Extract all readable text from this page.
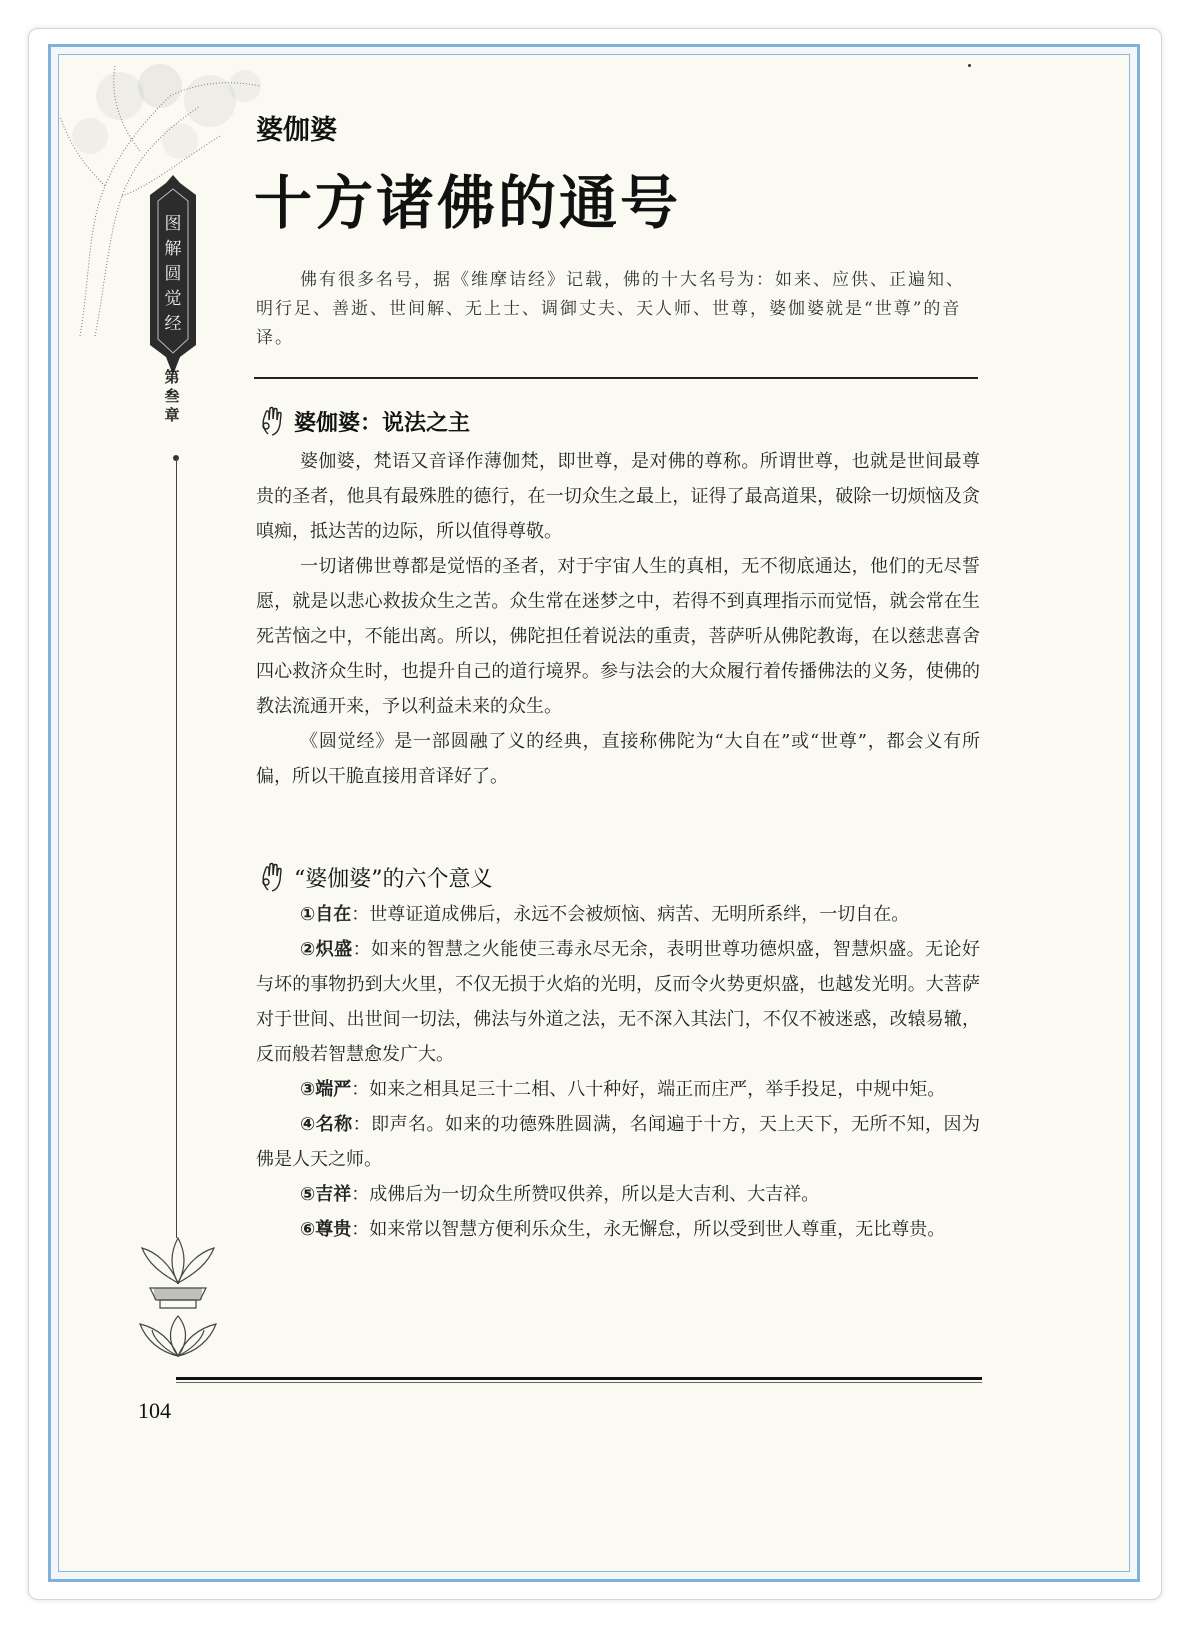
图
解
圆
觉
经
第
叁
章
婆伽婆
十方诸佛的通号

佛有很多名号，据《维摩诘经》记载，佛的十大名号为：如来、应供、正遍知、明行足、善逝、世间解、无上士、调御丈夫、天人师、世尊，婆伽婆就是“世尊”的音译。

婆伽婆：说法之主

婆伽婆，梵语又音译作薄伽梵，即世尊，是对佛的尊称。所谓世尊，也就是世间最尊贵的圣者，他具有最殊胜的德行，在一切众生之最上，证得了最高道果，破除一切烦恼及贪嗔痴，抵达苦的边际，所以值得尊敬。

一切诸佛世尊都是觉悟的圣者，对于宇宙人生的真相，无不彻底通达，他们的无尽誓愿，就是以悲心救拔众生之苦。众生常在迷梦之中，若得不到真理指示而觉悟，就会常在生死苦恼之中，不能出离。所以，佛陀担任着说法的重责，菩萨听从佛陀教诲，在以慈悲喜舍四心救济众生时，也提升自己的道行境界。参与法会的大众履行着传播佛法的义务，使佛的教法流通开来，予以利益未来的众生。

《圆觉经》是一部圆融了义的经典，直接称佛陀为“大自在”或“世尊”，都会义有所偏，所以干脆直接用音译好了。

“婆伽婆”的六个意义

①自在：世尊证道成佛后，永远不会被烦恼、病苦、无明所系绊，一切自在。

②炽盛：如来的智慧之火能使三毒永尽无余，表明世尊功德炽盛，智慧炽盛。无论好与坏的事物扔到大火里，不仅无损于火焰的光明，反而令火势更炽盛，也越发光明。大菩萨对于世间、出世间一切法，佛法与外道之法，无不深入其法门，不仅不被迷惑，改辕易辙，反而般若智慧愈发广大。

③端严：如来之相具足三十二相、八十种好，端正而庄严，举手投足，中规中矩。

④名称：即声名。如来的功德殊胜圆满，名闻遍于十方，天上天下，无所不知，因为佛是人天之师。

⑤吉祥：成佛后为一切众生所赞叹供养，所以是大吉利、大吉祥。

⑥尊贵：如来常以智慧方便利乐众生，永无懈怠，所以受到世人尊重，无比尊贵。

104
